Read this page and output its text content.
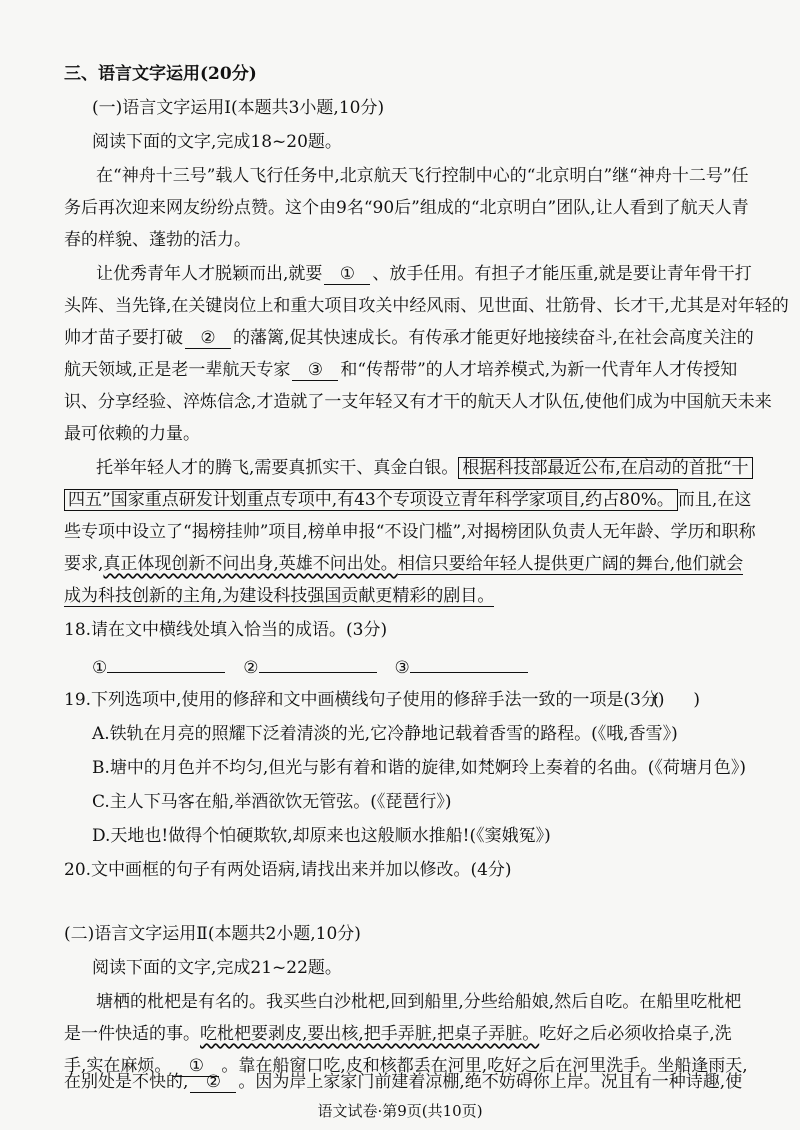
三、语言文字运用(20分)
(一)语言文字运用Ⅰ(本题共3小题,10分)
阅读下面的文字,完成18~20题。
在“神舟十三号”载人飞行任务中,北京航天飞行控制中心的“北京明白”继“神舟十二号”任
务后再次迎来网友纷纷点赞。这个由9名“90后”组成的“北京明白”团队,让人看到了航天人青
春的样貌、蓬勃的活力。
让优秀青年人才脱颖而出,就要 ① 、放手任用。有担子才能压重,就是要让青年骨干打
头阵、当先锋,在关键岗位上和重大项目攻关中经风雨、见世面、壮筋骨、长才干,尤其是对年轻的
帅才苗子要打破 ② 的藩篱,促其快速成长。有传承才能更好地接续奋斗,在社会高度关注的
航天领域,正是老一辈航天专家 ③ 和“传帮带”的人才培养模式,为新一代青年人才传授知
识、分享经验、淬炼信念,才造就了一支年轻又有才干的航天人才队伍,使他们成为中国航天未来
最可依赖的力量。
托举年轻人才的腾飞,需要真抓实干、真金白银。 根据科技部最近公布,在启动的首批“十
四五”国家重点研发计划重点专项中,有43个专项设立青年科学家项目,约占80%。 而且,在这
些专项中设立了“揭榜挂帅”项目,榜单申报“不设门槛”,对揭榜团队负责人无年龄、学历和职称
要求,真正体现创新不问出身,英雄不问出处。相信只要给年轻人提供更广阔的舞台,他们就会
成为科技创新的主角,为建设科技强国贡献更精彩的剧目。
18.请在文中横线处填入恰当的成语。(3分)
①	②	③
19.下列选项中,使用的修辞和文中画横线句子使用的修辞手法一致的一项是(3分)
(　　)
A.铁轨在月亮的照耀下泛着清淡的光,它冷静地记载着香雪的路程。(《哦,香雪》)
B.塘中的月色并不均匀,但光与影有着和谐的旋律,如梵婀玲上奏着的名曲。(《荷塘月色》)
C.主人下马客在船,举酒欲饮无管弦。(《琵琶行》)
D.天地也!做得个怕硬欺软,却原来也这般顺水推船!(《窦娥冤》)
20.文中画框的句子有两处语病,请找出来并加以修改。(4分)
(二)语言文字运用Ⅱ(本题共2小题,10分)
阅读下面的文字,完成21~22题。
塘栖的枇杷是有名的。我买些白沙枇杷,回到船里,分些给船娘,然后自吃。在船里吃枇杷
是一件快适的事。吃枇杷要剥皮,要出核,把手弄脏,把桌子弄脏。吃好之后必须收拾桌子,洗
手,实在麻烦。 ① 。靠在船窗口吃,皮和核都丢在河里,吃好之后在河里洗手。坐船逢雨天,
语文试卷·第9页(共10页)
在别处是不快的, ② 。因为岸上家家门前建着凉棚,绝不妨碍你上岸。况且有一种诗趣,使
